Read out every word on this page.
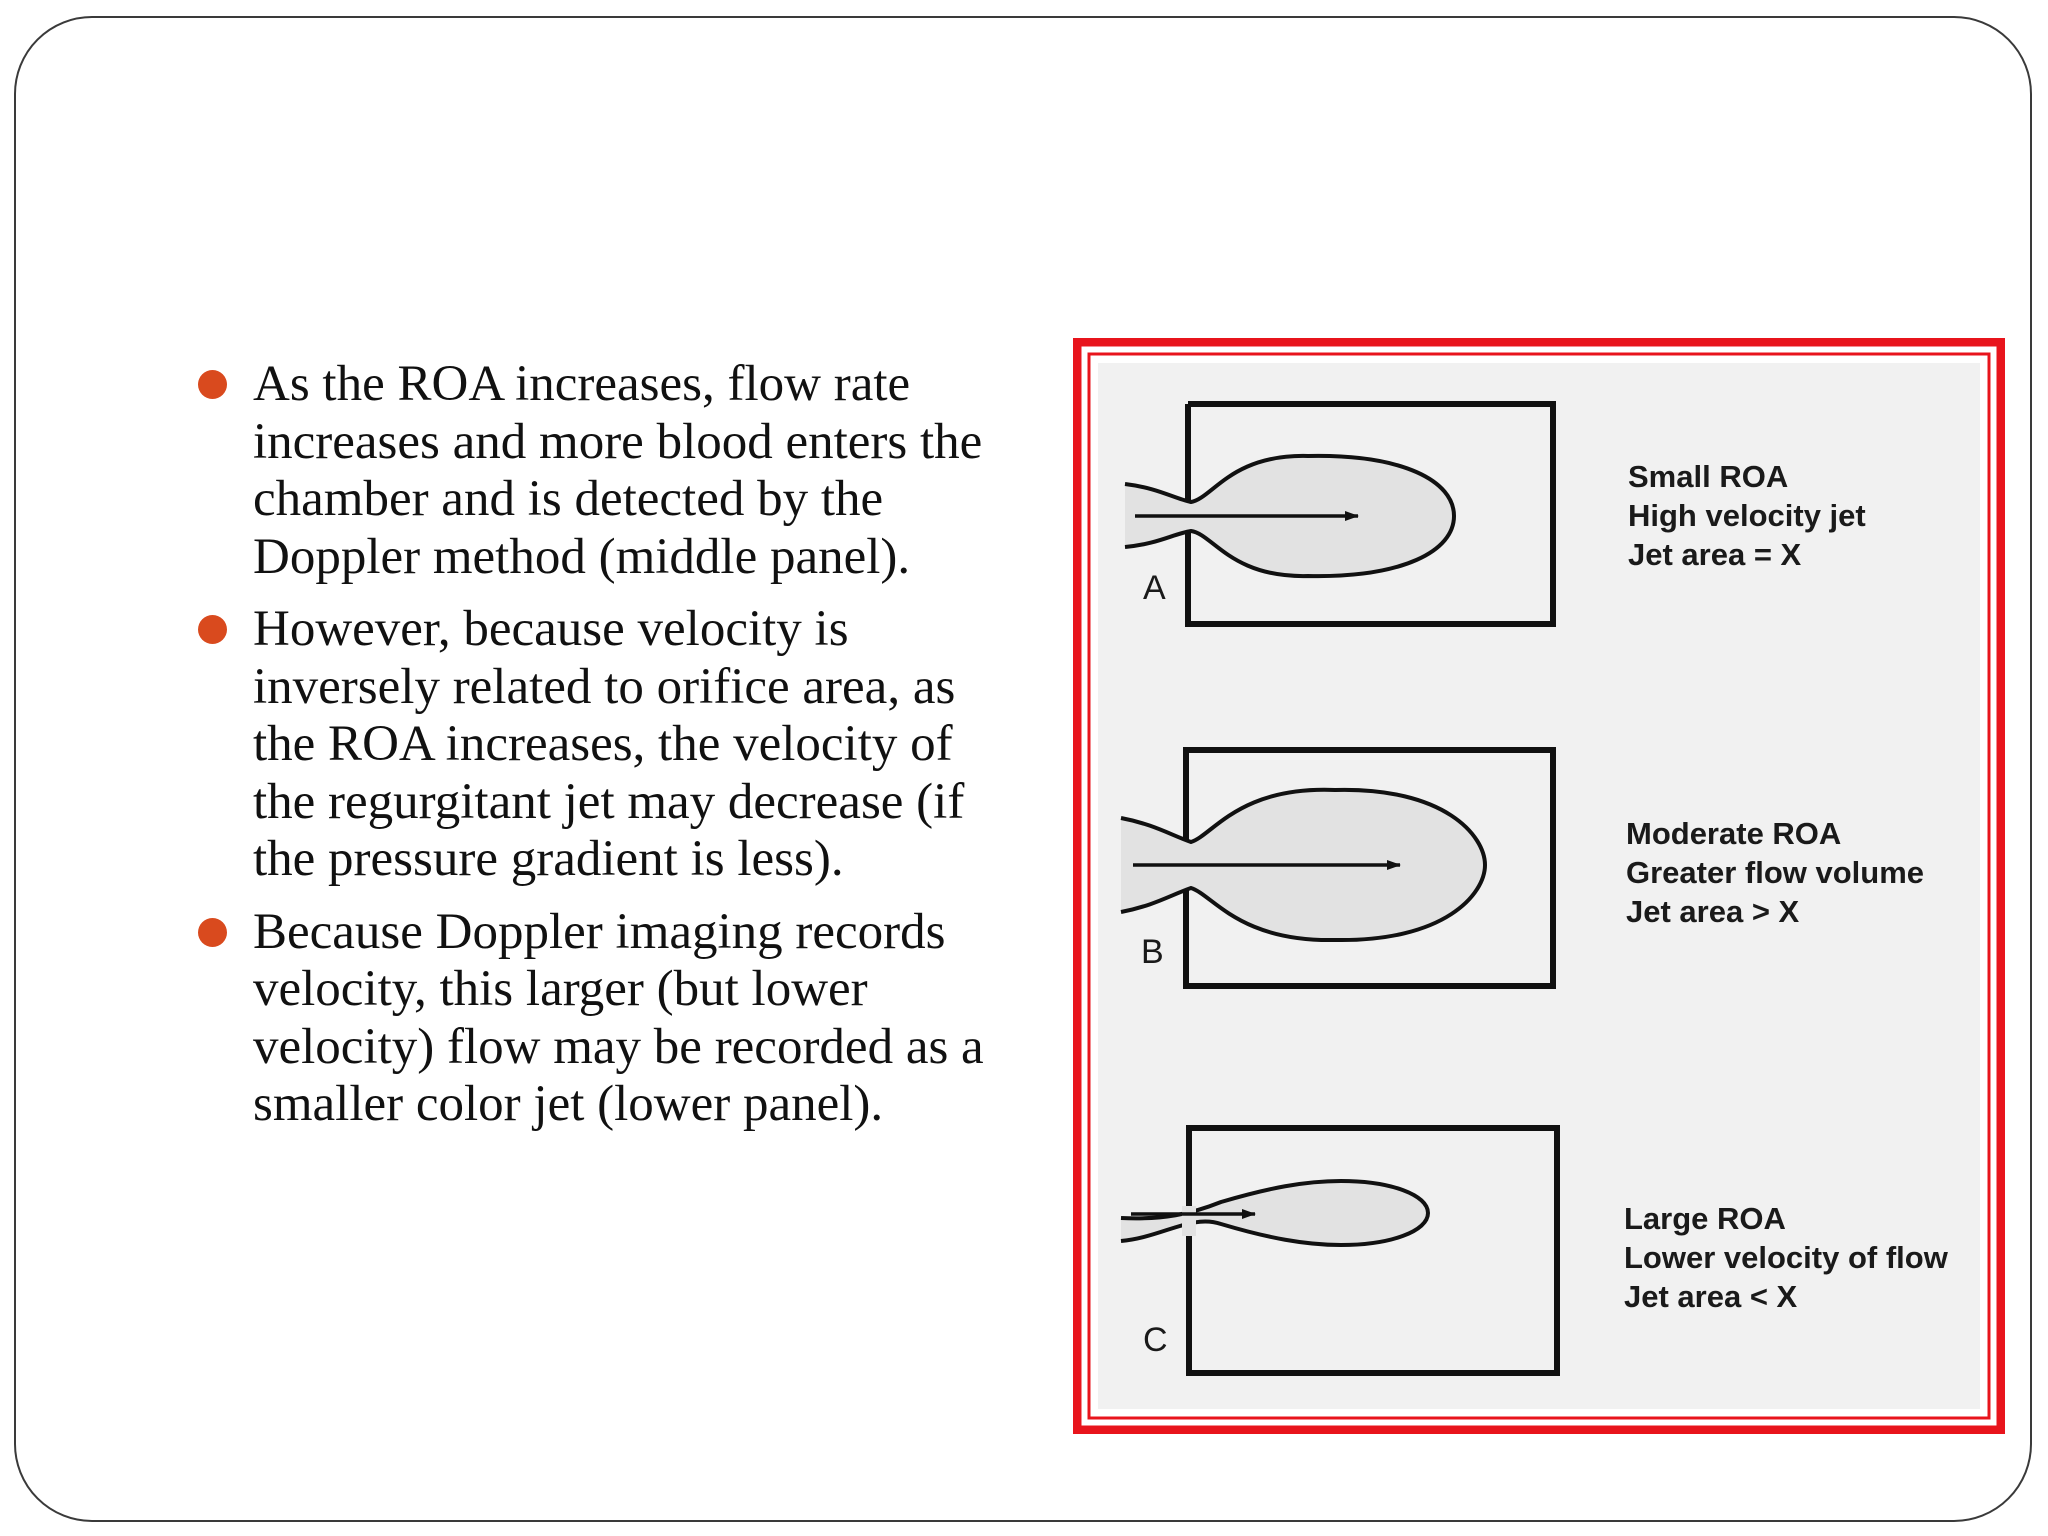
As the ROA increases, flow rate increases and more blood enters the chamber and is detected by the Doppler method (middle panel).
However, because velocity is inversely related to orifice area, as the ROA increases, the velocity of the regurgitant jet may decrease (if the pressure gradient is less).
Because Doppler imaging records velocity, this larger (but lower velocity) flow may be recorded as a smaller color jet (lower panel).
A
Small ROA
High velocity jet
Jet area = X
B
Moderate ROA
Greater flow volume
Jet area > X
C
Large ROA
Lower velocity of flow
Jet area < X
